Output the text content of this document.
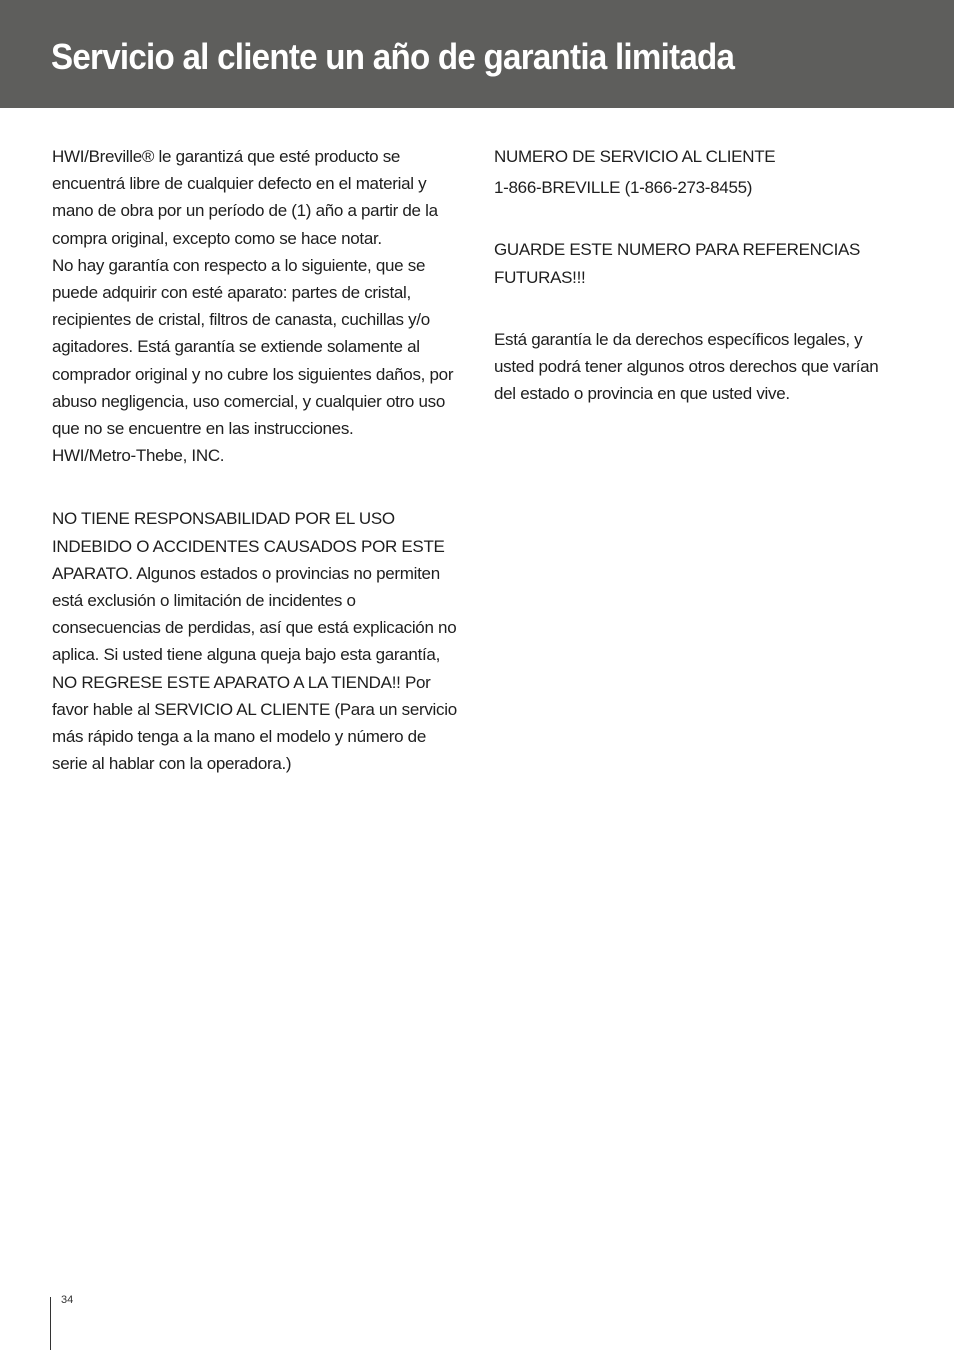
Servicio al cliente un año de garantia limitada

HWI/Breville® le garantizá que esté producto se encuentrá libre de cualquier defecto en el material y mano de obra por un período de (1) año a partir de la compra original, excepto como se hace notar.

No hay garantía con respecto a lo siguiente, que se puede adquirir con esté aparato: partes de cristal, recipientes de cristal, filtros de canasta, cuchillas y/o agitadores. Está garantía se extiende solamente al comprador original y no cubre los siguientes daños, por abuso negligencia, uso comercial, y cualquier otro uso que no se encuentre en las instrucciones.

HWI/Metro-Thebe, INC.

NO TIENE RESPONSABILIDAD POR EL USO INDEBIDO O ACCIDENTES CAUSADOS POR ESTE APARATO. Algunos estados o provincias no permiten está exclusión o limitación de incidentes o consecuencias de perdidas, así que está explicación no aplica. Si usted tiene alguna queja bajo esta garantía, NO REGRESE ESTE APARATO A LA TIENDA!! Por favor hable al SERVICIO AL CLIENTE (Para un servicio más rápido tenga a la mano el modelo y número de serie al hablar con la operadora.)

NUMERO DE SERVICIO AL CLIENTE

1-866-BREVILLE (1-866-273-8455)

GUARDE ESTE NUMERO PARA REFERENCIAS FUTURAS!!!

Está garantía le da derechos específicos legales, y usted podrá tener algunos otros derechos que varían del estado o provincia en que usted vive.

34
